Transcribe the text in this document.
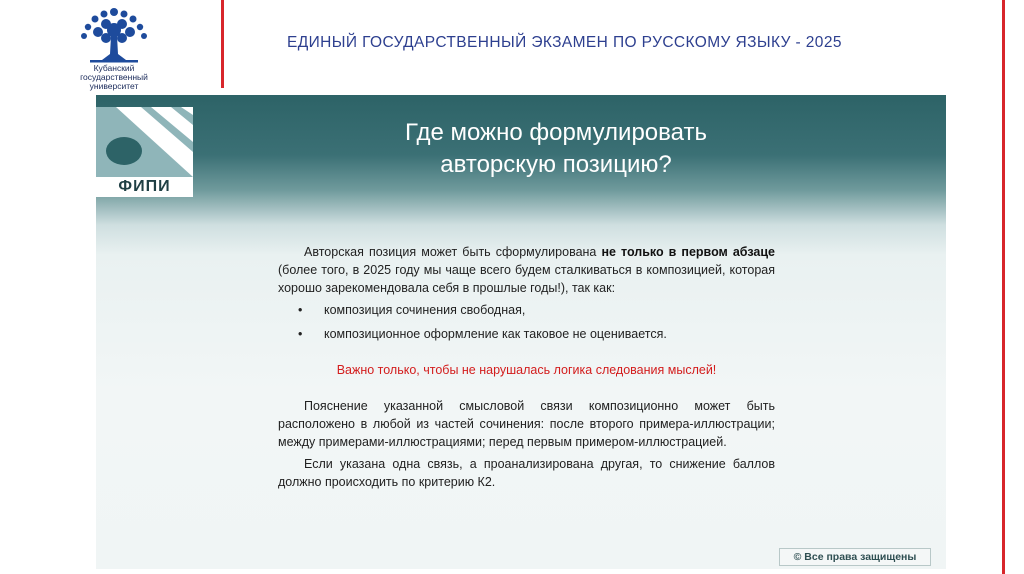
Кубанский
государственный
университет
ЕДИНЫЙ ГОСУДАРСТВЕННЫЙ ЭКЗАМЕН ПО РУССКОМУ ЯЗЫКУ - 2025
ФИПИ
Где можно формулировать
авторскую позицию?

Авторская позиция может быть сформулирована не только в первом абзаце (более того, в 2025 году мы чаще всего будем сталкиваться в композицией, которая хорошо зарекомендовала себя в прошлые годы!), так как:

• композиция сочинения свободная,
• композиционное оформление как таковое не оценивается.

Важно только, чтобы не нарушалась логика следования мыслей!

Пояснение указанной смысловой связи композиционно может быть расположено в любой из частей сочинения: после второго примера-иллюстрации; между примерами-иллюстрациями; перед первым примером-иллюстрацией.

Если указана одна связь, а проанализирована другая, то снижение баллов должно происходить по критерию К2.

© Все права защищены
